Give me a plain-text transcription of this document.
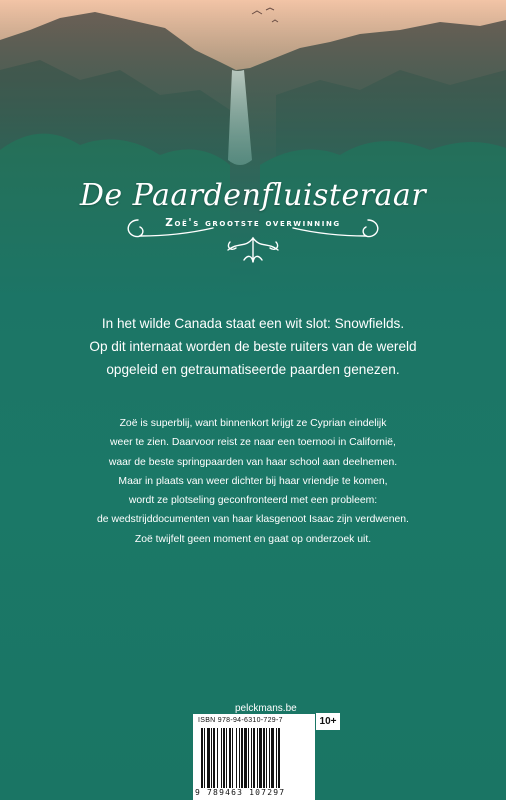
De Paardenfluisteraar
Zoë's grootste overwinning
In het wilde Canada staat een wit slot: Snowfields.
Op dit internaat worden de beste ruiters van de wereld
opgeleid en getraumatiseerde paarden genezen.
Zoë is superblij, want binnenkort krijgt ze Cyprian eindelijk
weer te zien. Daarvoor reist ze naar een toernooi in Californië,
waar de beste springpaarden van haar school aan deelnemen.
Maar in plaats van weer dichter bij haar vriendje te komen,
wordt ze plotseling geconfronteerd met een probleem:
de wedstrijddocumenten van haar klasgenoot Isaac zijn verdwenen.
Zoë twijfelt geen moment en gaat op onderzoek uit.
pelckmans.be
ISBN 978-94-6310-729-7
9 789463 107297
10+
